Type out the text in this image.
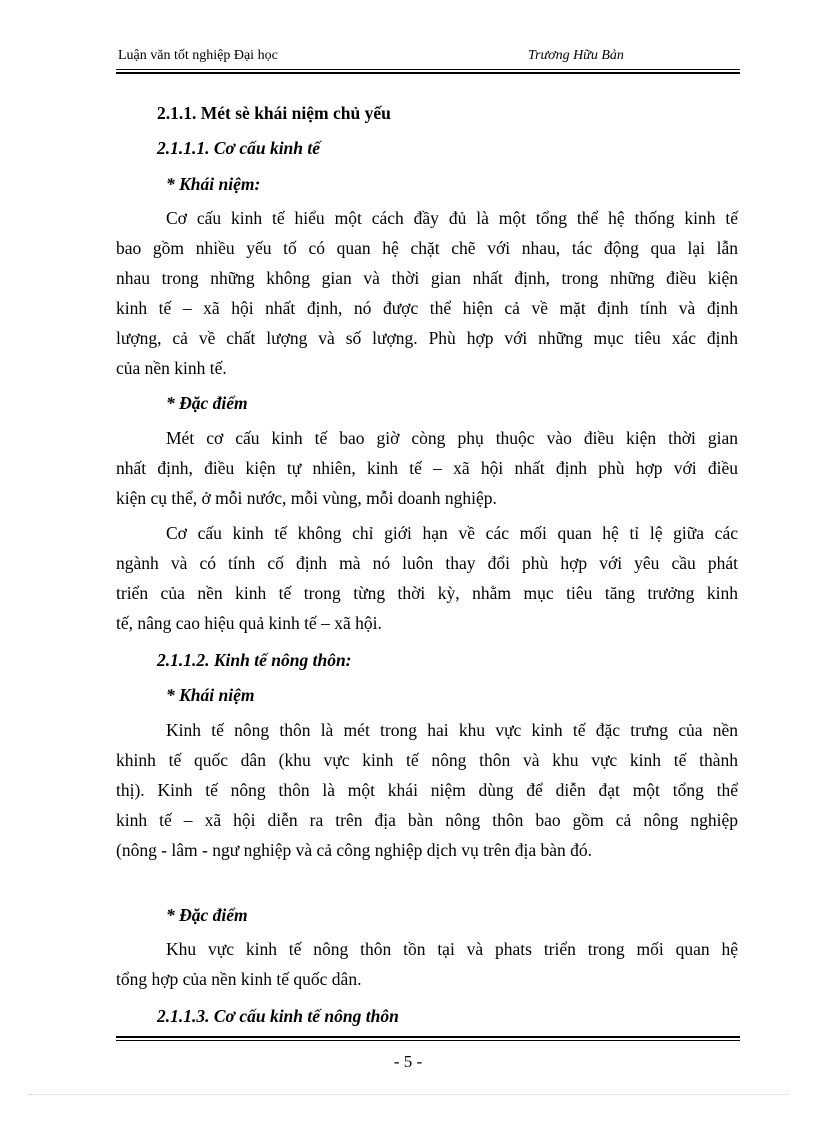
Luận văn tốt nghiệp Đại học	Trương Hữu Bản
2.1.1. Mét sè khái niệm chủ yếu
2.1.1.1. Cơ cấu kinh tế
* Khái niệm:
Cơ cấu kinh tế hiểu một cách đầy đủ là một tổng thể hệ thống kinh tế
bao gồm nhiều yếu tố có quan hệ chặt chẽ với nhau, tác động qua lại lẫn
nhau trong những không gian và thời gian nhất định, trong những điều kiện
kinh tế – xã hội nhất định, nó được thể hiện cả về mặt định tính và định
lượng, cả về chất lượng và số lượng. Phù hợp với những mục tiêu xác định
của nền kinh tế.
* Đặc điểm
Mét cơ cấu kinh tế bao giờ còng phụ thuộc vào điều kiện thời gian
nhất định, điều kiện tự nhiên, kinh tế – xã hội nhất định phù hợp với điều
kiện cụ thể, ở mỗi nước, mỗi vùng, mỗi doanh nghiệp.
Cơ cấu kinh tế không chỉ giới hạn về các mối quan hệ tỉ lệ giữa các
ngành và có tính cố định mà nó luôn thay đổi phù hợp với yêu cầu phát
triển của nền kinh tế trong từng thời kỳ, nhằm mục tiêu tăng trưởng kinh
tế, nâng cao hiệu quả kinh tế – xã hội.
2.1.1.2. Kinh tế nông thôn:
* Khái niệm
Kinh tế nông thôn là mét trong hai khu vực kinh tế đặc trưng của nền
khinh tế quốc dân (khu vực kinh tế nông thôn và khu vực kinh tế thành
thị). Kinh tế nông thôn là một khái niệm dùng để diễn đạt một tổng thể
kinh tế – xã hội diễn ra trên địa bàn nông thôn bao gồm cả nông nghiệp
(nông - lâm - ngư nghiệp và cả công nghiệp dịch vụ trên địa bàn đó.
* Đặc điểm
Khu vực kinh tế nông thôn tồn tại và phats triển trong mối quan hệ
tổng hợp của nền kinh tế quốc dân.
2.1.1.3. Cơ cấu kinh tế nông thôn
- 5 -
